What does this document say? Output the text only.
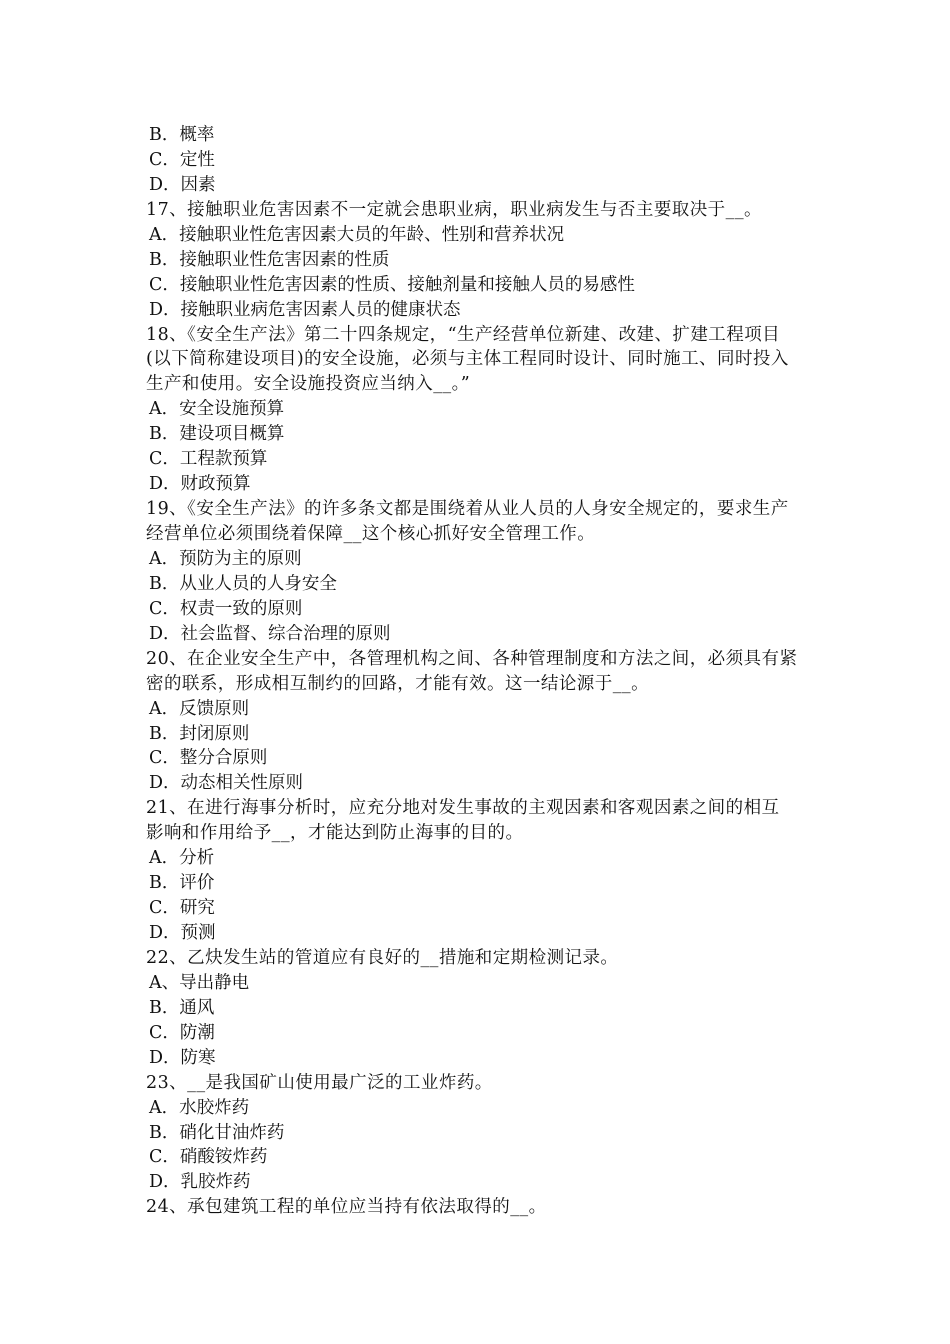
B．概率
C．定性
D．因素
17、接触职业危害因素不一定就会患职业病，职业病发生与否主要取决于__。
A．接触职业性危害因素大员的年龄、性别和营养状况
B．接触职业性危害因素的性质
C．接触职业性危害因素的性质、接触剂量和接触人员的易感性
D．接触职业病危害因素人员的健康状态
18、《安全生产法》第二十四条规定，“生产经营单位新建、改建、扩建工程项目
(以下简称建设项目)的安全设施，必须与主体工程同时设计、同时施工、同时投入
生产和使用。安全设施投资应当纳入__。”
A．安全设施预算
B．建设项目概算
C．工程款预算
D．财政预算
19、《安全生产法》的许多条文都是围绕着从业人员的人身安全规定的，要求生产
经营单位必须围绕着保障__这个核心抓好安全管理工作。
A．预防为主的原则
B．从业人员的人身安全
C．权责一致的原则
D．社会监督、综合治理的原则
20、在企业安全生产中，各管理机构之间、各种管理制度和方法之间，必须具有紧
密的联系，形成相互制约的回路，才能有效。这一结论源于__。
A．反馈原则
B．封闭原则
C．整分合原则
D．动态相关性原则
21、在进行海事分析时，应充分地对发生事故的主观因素和客观因素之间的相互
影响和作用给予__，才能达到防止海事的目的。
A．分析
B．评价
C．研究
D．预测
22、乙炔发生站的管道应有良好的__措施和定期检测记录。
A、导出静电
B．通风
C．防潮
D．防寒
23、__是我国矿山使用最广泛的工业炸药。
A．水胶炸药
B．硝化甘油炸药
C．硝酸铵炸药
D．乳胶炸药
24、承包建筑工程的单位应当持有依法取得的__。
